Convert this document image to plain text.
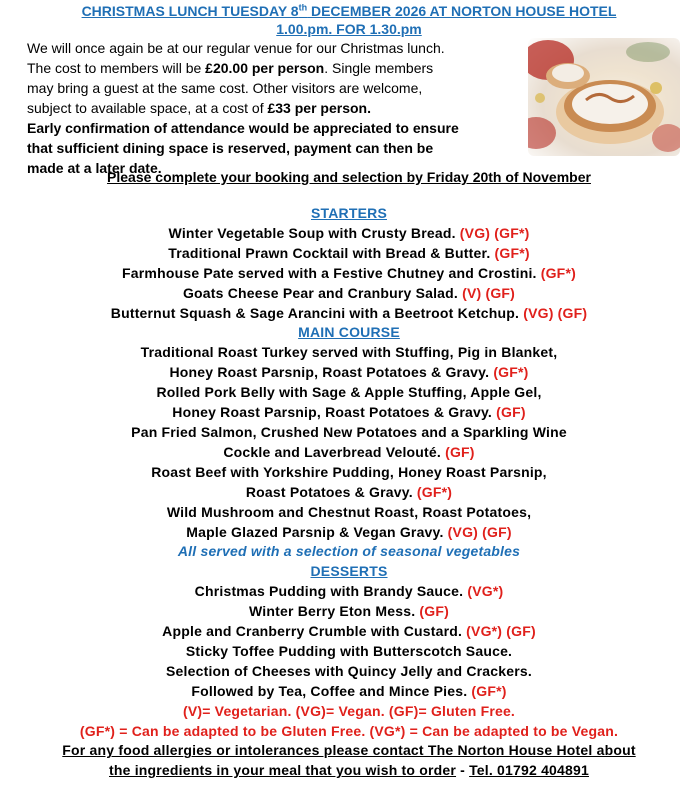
CHRISTMAS LUNCH TUESDAY 8th DECEMBER 2026 AT NORTON HOUSE HOTEL
1.00.pm. FOR 1.30.pm
We will once again be at our regular venue for our Christmas lunch.
The cost to members will be £20.00 per person. Single members
may bring a guest at the same cost. Other visitors are welcome,
subject to available space, at a cost of £33 per person.
Early confirmation of attendance would be appreciated to ensure
that sufficient dining space is reserved, payment can then be
made at a later date.
Please complete your booking and selection by Friday 20th of November
STARTERS
Winter Vegetable Soup with Crusty Bread. (VG) (GF*)
Traditional Prawn Cocktail with Bread & Butter. (GF*)
Farmhouse Pate served with a Festive Chutney and Crostini. (GF*)
Goats Cheese Pear and Cranbury Salad. (V) (GF)
Butternut Squash & Sage Arancini with a Beetroot Ketchup. (VG) (GF)
MAIN COURSE
Traditional Roast Turkey served with Stuffing, Pig in Blanket,
Honey Roast Parsnip, Roast Potatoes & Gravy. (GF*)
Rolled Pork Belly with Sage & Apple Stuffing, Apple Gel,
Honey Roast Parsnip, Roast Potatoes & Gravy. (GF)
Pan Fried Salmon, Crushed New Potatoes and a Sparkling Wine
Cockle and Laverbread Velouté. (GF)
Roast Beef with Yorkshire Pudding, Honey Roast Parsnip,
Roast Potatoes & Gravy. (GF*)
Wild Mushroom and Chestnut Roast, Roast Potatoes,
Maple Glazed Parsnip & Vegan Gravy. (VG) (GF)
All served with a selection of seasonal vegetables
DESSERTS
Christmas Pudding with Brandy Sauce. (VG*)
Winter Berry Eton Mess. (GF)
Apple and Cranberry Crumble with Custard. (VG*) (GF)
Sticky Toffee Pudding with Butterscotch Sauce.
Selection of Cheeses with Quincy Jelly and Crackers.
Followed by Tea, Coffee and Mince Pies. (GF*)
(V)= Vegetarian. (VG)= Vegan. (GF)= Gluten Free.
(GF*) = Can be adapted to be Gluten Free. (VG*) = Can be adapted to be Vegan.
For any food allergies or intolerances please contact The Norton House Hotel about
the ingredients in your meal that you wish to order - Tel. 01792 404891
